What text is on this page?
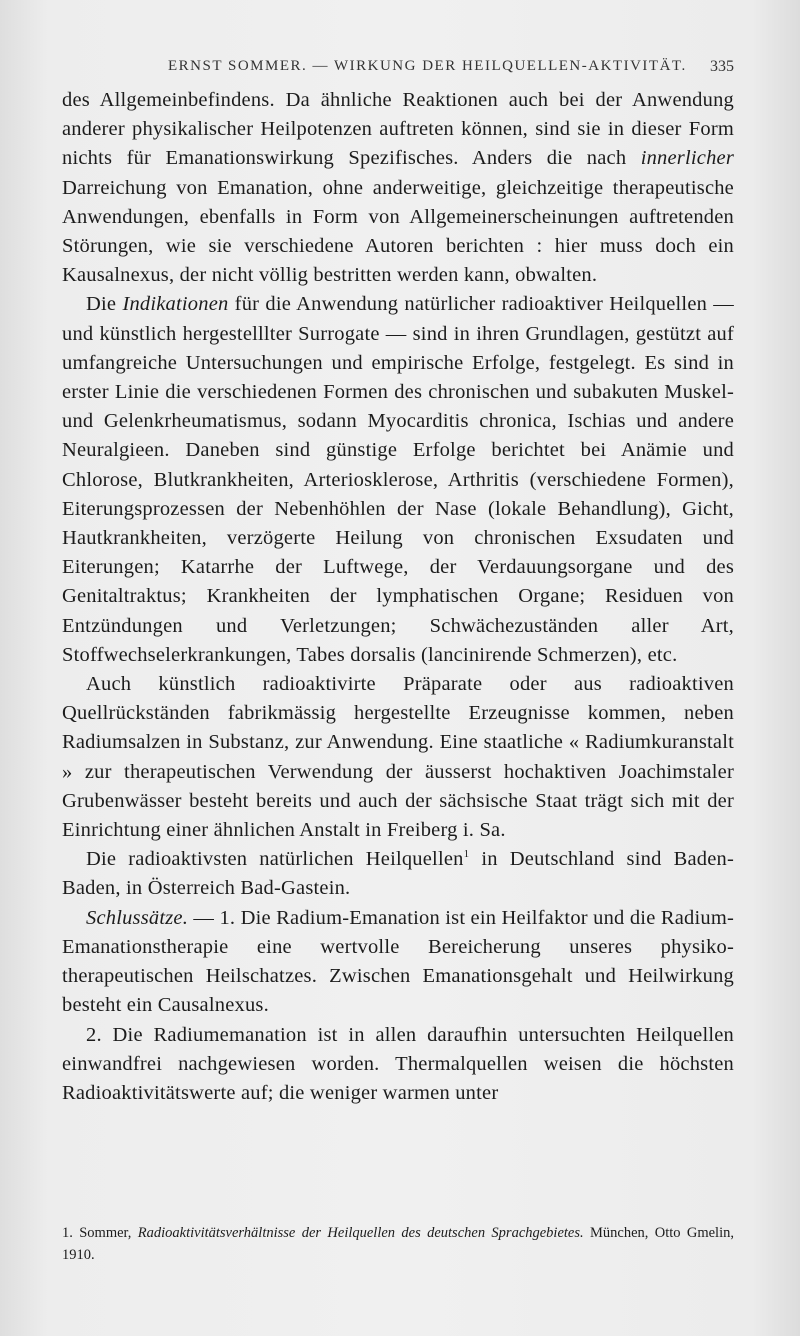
ERNST SOMMER. — WIRKUNG DER HEILQUELLEN-AKTIVITÄT. 335

des Allgemeinbefindens. Da ähnliche Reaktionen auch bei der Anwendung anderer physikalischer Heilpotenzen auftreten können, sind sie in dieser Form nichts für Emanationswirkung Spezifisches. Anders die nach innerlicher Darreichung von Emanation, ohne anderweitige, gleichzeitige therapeutische Anwendungen, ebenfalls in Form von Allgemeinerscheinungen auftretenden Störungen, wie sie verschiedene Autoren berichten : hier muss doch ein Kausalnexus, der nicht völlig bestritten werden kann, obwalten.

Die Indikationen für die Anwendung natürlicher radioaktiver Heilquellen — und künstlich hergestelllter Surrogate — sind in ihren Grundlagen, gestützt auf umfangreiche Untersuchungen und empirische Erfolge, festgelegt. Es sind in erster Linie die verschiedenen Formen des chronischen und subakuten Muskel- und Gelenkrheumatismus, sodann Myocarditis chronica, Ischias und andere Neuralgieen. Daneben sind günstige Erfolge berichtet bei Anämie und Chlorose, Blutkrankheiten, Arteriosklerose, Arthritis (verschiedene Formen), Eiterungsprozessen der Nebenhöhlen der Nase (lokale Behandlung), Gicht, Hautkrankheiten, verzögerte Heilung von chronischen Exsudaten und Eiterungen; Katarrhe der Luftwege, der Verdauungsorgane und des Genitaltraktus; Krankheiten der lymphatischen Organe; Residuen von Entzündungen und Verletzungen; Schwächezuständen aller Art, Stoffwechselerkrankungen, Tabes dorsalis (lancinirende Schmerzen), etc.

Auch künstlich radioaktivirte Präparate oder aus radioaktiven Quellrückständen fabrikmässig hergestellte Erzeugnisse kommen, neben Radiumsalzen in Substanz, zur Anwendung. Eine staatliche « Radiumkuranstalt » zur therapeutischen Verwendung der äusserst hochaktiven Joachimstaler Grubenwässer besteht bereits und auch der sächsische Staat trägt sich mit der Einrichtung einer ähnlichen Anstalt in Freiberg i. Sa.

Die radioaktivsten natürlichen Heilquellen$^1$ in Deutschland sind Baden-Baden, in Österreich Bad-Gastein.

Schlussätze. — 1. Die Radium-Emanation ist ein Heilfaktor und die Radium-Emanationstherapie eine wertvolle Bereicherung unseres physiko-therapeutischen Heilschatzes. Zwischen Emanationsgehalt und Heilwirkung besteht ein Causalnexus.

2. Die Radiumemanation ist in allen daraufhin untersuchten Heilquellen einwandfrei nachgewiesen worden. Thermalquellen weisen die höchsten Radioaktivitätswerte auf; die weniger warmen unter

1. Sommer, Radioaktivitätsverhältnisse der Heilquellen des deutschen Sprachgebietes. München, Otto Gmelin, 1910.
